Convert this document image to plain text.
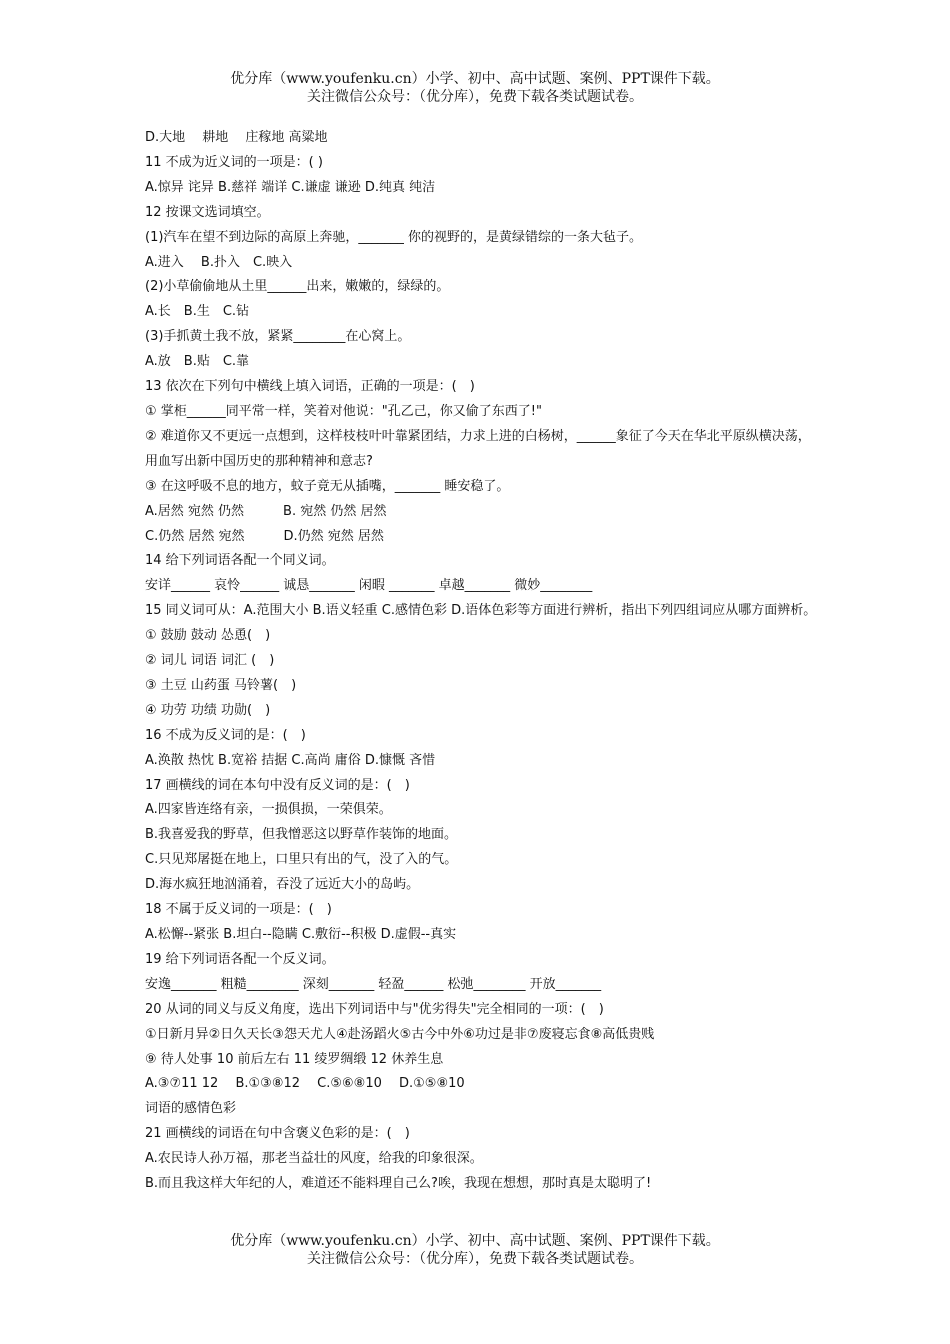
优分库（www.youfenku.cn）小学、初中、高中试题、案例、PPT课件下载。
关注微信公众号：（优分库），免费下载各类试题试卷。
D.大地　 耕地　 庄稼地 高粱地
11 不成为近义词的一项是：( )
A.惊异 诧异 B.慈祥 端详 C.谦虚 谦逊 D.纯真 纯洁
12 按课文选词填空。
(1)汽车在望不到边际的高原上奔驰，_______ 你的视野的，是黄绿错综的一条大毡子。
A.进入　 B.扑入　C.映入
(2)小草偷偷地从土里______出来，嫩嫩的，绿绿的。
A.长　B.生　C.钻
(3)手抓黄土我不放，紧紧________在心窝上。
A.放　B.贴　C.靠
13 依次在下列句中横线上填入词语，正确的一项是：(　)
① 掌柜______同平常一样，笑着对他说："孔乙己，你又偷了东西了!"
② 难道你又不更远一点想到，这样枝枝叶叶靠紧团结，力求上进的白杨树，______象征了今天在华北平原纵横决荡，用血写出新中国历史的那种精神和意志?
③ 在这呼吸不息的地方，蚊子竟无从插嘴，_______ 睡安稳了。
A.居然 宛然 仍然　　　B. 宛然 仍然 居然
C.仍然 居然 宛然　　　D.仍然 宛然 居然
14 给下列词语各配一个同义词。
安详______ 哀怜______ 诚恳_______ 闲暇 _______ 卓越_______ 微妙________
15 同义词可从：A.范围大小 B.语义轻重 C.感情色彩 D.语体色彩等方面进行辨析，指出下列四组词应从哪方面辨析。
① 鼓励 鼓动 怂恿(　)
② 词儿 词语 词汇 (　)
③ 土豆 山药蛋 马铃薯(　)
④ 功劳 功绩 功勋(　)
16 不成为反义词的是：(　)
A.涣散 热忱 B.宽裕 拮据 C.高尚 庸俗 D.慷慨 吝惜
17 画横线的词在本句中没有反义词的是：(　)
A.四家皆连络有亲，一损俱损，一荣俱荣。
B.我喜爱我的野草，但我憎恶这以野草作装饰的地面。
C.只见郑屠挺在地上，口里只有出的气，没了入的气。
D.海水疯狂地汹涌着，吞没了远近大小的岛屿。
18 不属于反义词的一项是：(　)
A.松懈--紧张 B.坦白--隐瞒 C.敷衍--积极 D.虚假--真实
19 给下列词语各配一个反义词。
安逸_______ 粗糙________ 深刻_______ 轻盈______ 松弛________ 开放_______
20 从词的同义与反义角度，选出下列词语中与"优劣得失"完全相同的一项：(　)
①日新月异②日久天长③怨天尤人④赴汤蹈火⑤古今中外⑥功过是非⑦废寝忘食⑧高低贵贱
⑨ 待人处事 10 前后左右 11 绫罗绸缎 12 休养生息
A.③⑦11 12　 B.①③⑧12　 C.⑤⑥⑧10　 D.①⑤⑧10
词语的感情色彩
21 画横线的词语在句中含褒义色彩的是：(　)
A.农民诗人孙万福，那老当益壮的风度，给我的印象很深。
B.而且我这样大年纪的人，难道还不能料理自己么?唉，我现在想想，那时真是太聪明了!
优分库（www.youfenku.cn）小学、初中、高中试题、案例、PPT课件下载。
关注微信公众号：（优分库），免费下载各类试题试卷。
